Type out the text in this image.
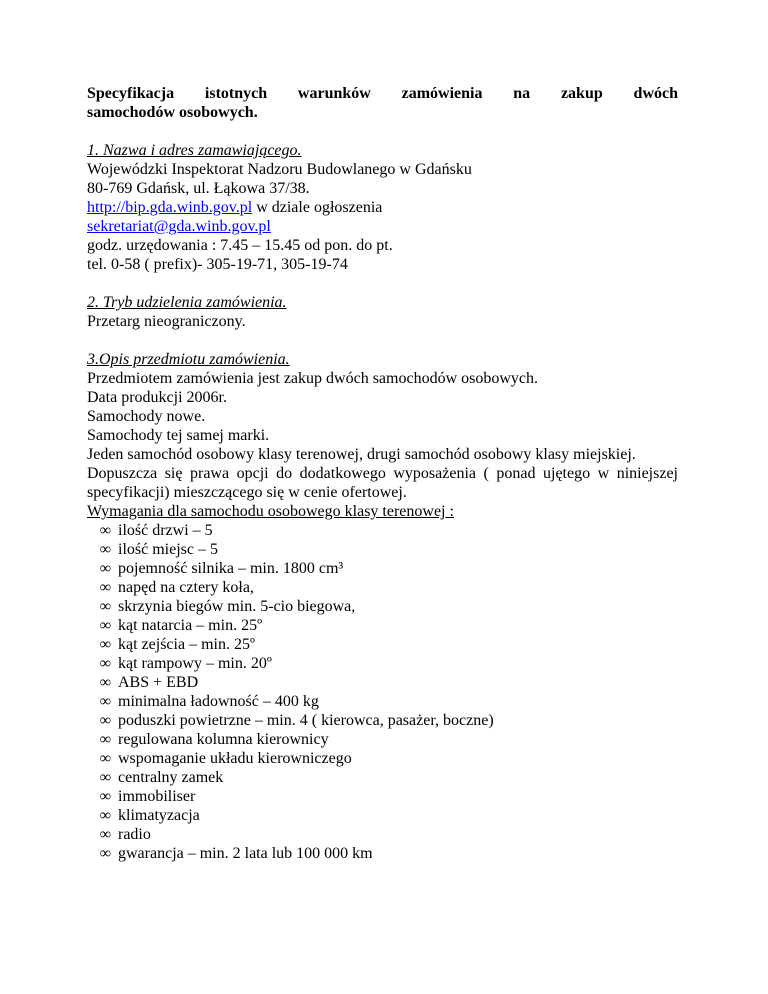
Specyfikacja istotnych warunków zamówienia na zakup dwóch

samochodów osobowych.

1. Nazwa i adres zamawiającego.

Wojewódzki Inspektorat Nadzoru Budowlanego w Gdańsku

80-769 Gdańsk, ul. Łąkowa 37/38.

http://bip.gda.winb.gov.pl w dziale ogłoszenia

sekretariat@gda.winb.gov.pl

godz. urzędowania : 7.45 – 15.45 od pon. do pt.

tel. 0-58 ( prefix)- 305-19-71, 305-19-74

2. Tryb udzielenia zamówienia.

Przetarg nieograniczony.

3.Opis przedmiotu zamówienia.

Przedmiotem zamówienia jest zakup dwóch samochodów osobowych.

Data produkcji 2006r.

Samochody nowe.

Samochody tej samej marki.

Jeden samochód osobowy klasy terenowej, drugi samochód osobowy klasy miejskiej.

Dopuszcza się prawa opcji do dodatkowego wyposażenia ( ponad ujętego w niniejszej specyfikacji) mieszczącego się w cenie ofertowej.

Wymagania dla samochodu osobowego klasy terenowej :

∞ ilość drzwi – 5
∞ ilość miejsc – 5
∞ pojemność silnika – min. 1800 cm³
∞ napęd na cztery koła,
∞ skrzynia biegów min. 5-cio biegowa,
∞ kąt natarcia – min. 25º
∞ kąt zejścia – min. 25º
∞ kąt rampowy – min. 20º
∞ ABS + EBD
∞ minimalna ładowność – 400 kg
∞ poduszki powietrzne – min. 4 ( kierowca, pasażer, boczne)
∞ regulowana kolumna kierownicy
∞ wspomaganie układu kierowniczego
∞ centralny zamek
∞ immobiliser
∞ klimatyzacja
∞ radio
∞ gwarancja – min. 2 lata lub 100 000 km
